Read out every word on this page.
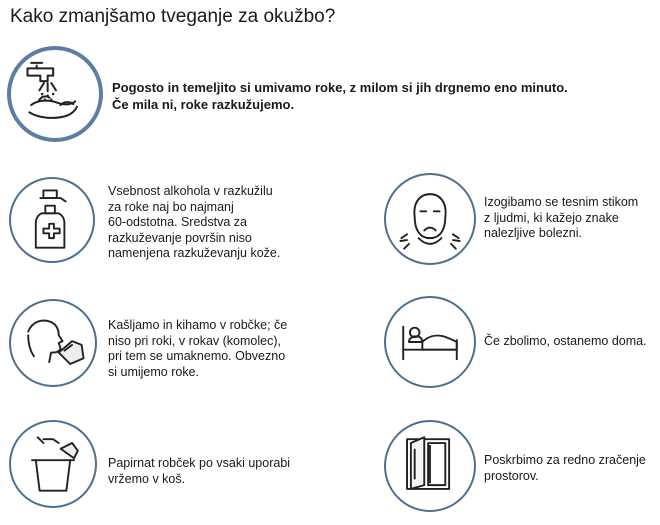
Kako zmanjšamo tveganje za okužbo?
Pogosto in temeljito si umivamo roke, z milom si jih drgnemo eno minuto.
Če mila ni, roke razkužujemo.
Vsebnost alkohola v razkužilu
za roke naj bo najmanj
60-odstotna. Sredstva za
razkuževanje površin niso
namenjena razkuževanju kože.
Izogibamo se tesnim stikom
z ljudmi, ki kažejo znake
nalezljive bolezni.
Kašljamo in kihamo v robčke; če
niso pri roki, v rokav (komolec),
pri tem se umaknemo. Obvezno
si umijemo roke.
Če zbolimo, ostanemo doma.
Papirnat robček po vsaki uporabi
vržemo v koš.
Poskrbimo za redno zračenje
prostorov.
